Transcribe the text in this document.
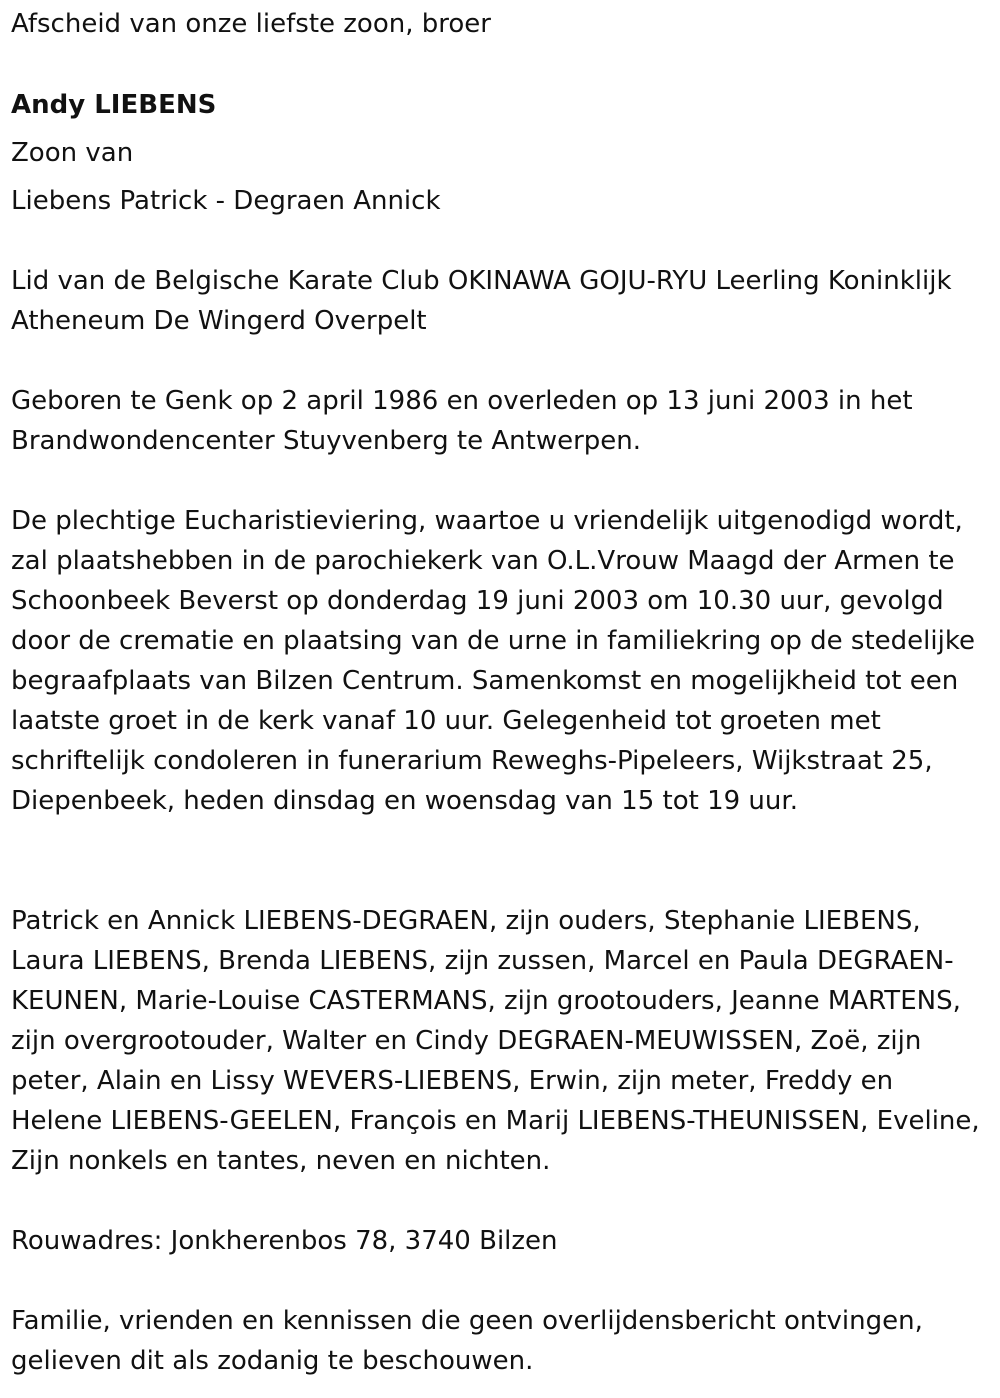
Afscheid van onze liefste zoon, broer

Andy LIEBENS

Zoon van

Liebens Patrick - Degraen Annick

Lid van de Belgische Karate Club OKINAWA GOJU-RYU Leerling Koninklijk Atheneum De Wingerd Overpelt

Geboren te Genk op 2 april 1986 en overleden op 13 juni 2003 in het Brandwondencenter Stuyvenberg te Antwerpen.

De plechtige Eucharistieviering, waartoe u vriendelijk uitgenodigd wordt, zal plaatshebben in de parochiekerk van O.L.Vrouw Maagd der Armen te Schoonbeek Beverst op donderdag 19 juni 2003 om 10.30 uur, gevolgd door de crematie en plaatsing van de urne in familiekring op de stedelijke begraafplaats van Bilzen Centrum. Samenkomst en mogelijkheid tot een laatste groet in de kerk vanaf 10 uur. Gelegenheid tot groeten met schriftelijk condoleren in funerarium Reweghs-Pipeleers, Wijkstraat 25, Diepenbeek, heden dinsdag en woensdag van 15 tot 19 uur.

Patrick en Annick LIEBENS-DEGRAEN, zijn ouders, Stephanie LIEBENS, Laura LIEBENS, Brenda LIEBENS, zijn zussen, Marcel en Paula DEGRAEN-KEUNEN, Marie-Louise CASTERMANS, zijn grootouders, Jeanne MARTENS, zijn overgrootouder, Walter en Cindy DEGRAEN-MEUWISSEN, Zoë, zijn peter, Alain en Lissy WEVERS-LIEBENS, Erwin, zijn meter, Freddy en Helene LIEBENS-GEELEN, François en Marij LIEBENS-THEUNISSEN, Eveline, Zijn nonkels en tantes, neven en nichten.

Rouwadres: Jonkherenbos 78, 3740 Bilzen

Familie, vrienden en kennissen die geen overlijdensbericht ontvingen, gelieven dit als zodanig te beschouwen.
